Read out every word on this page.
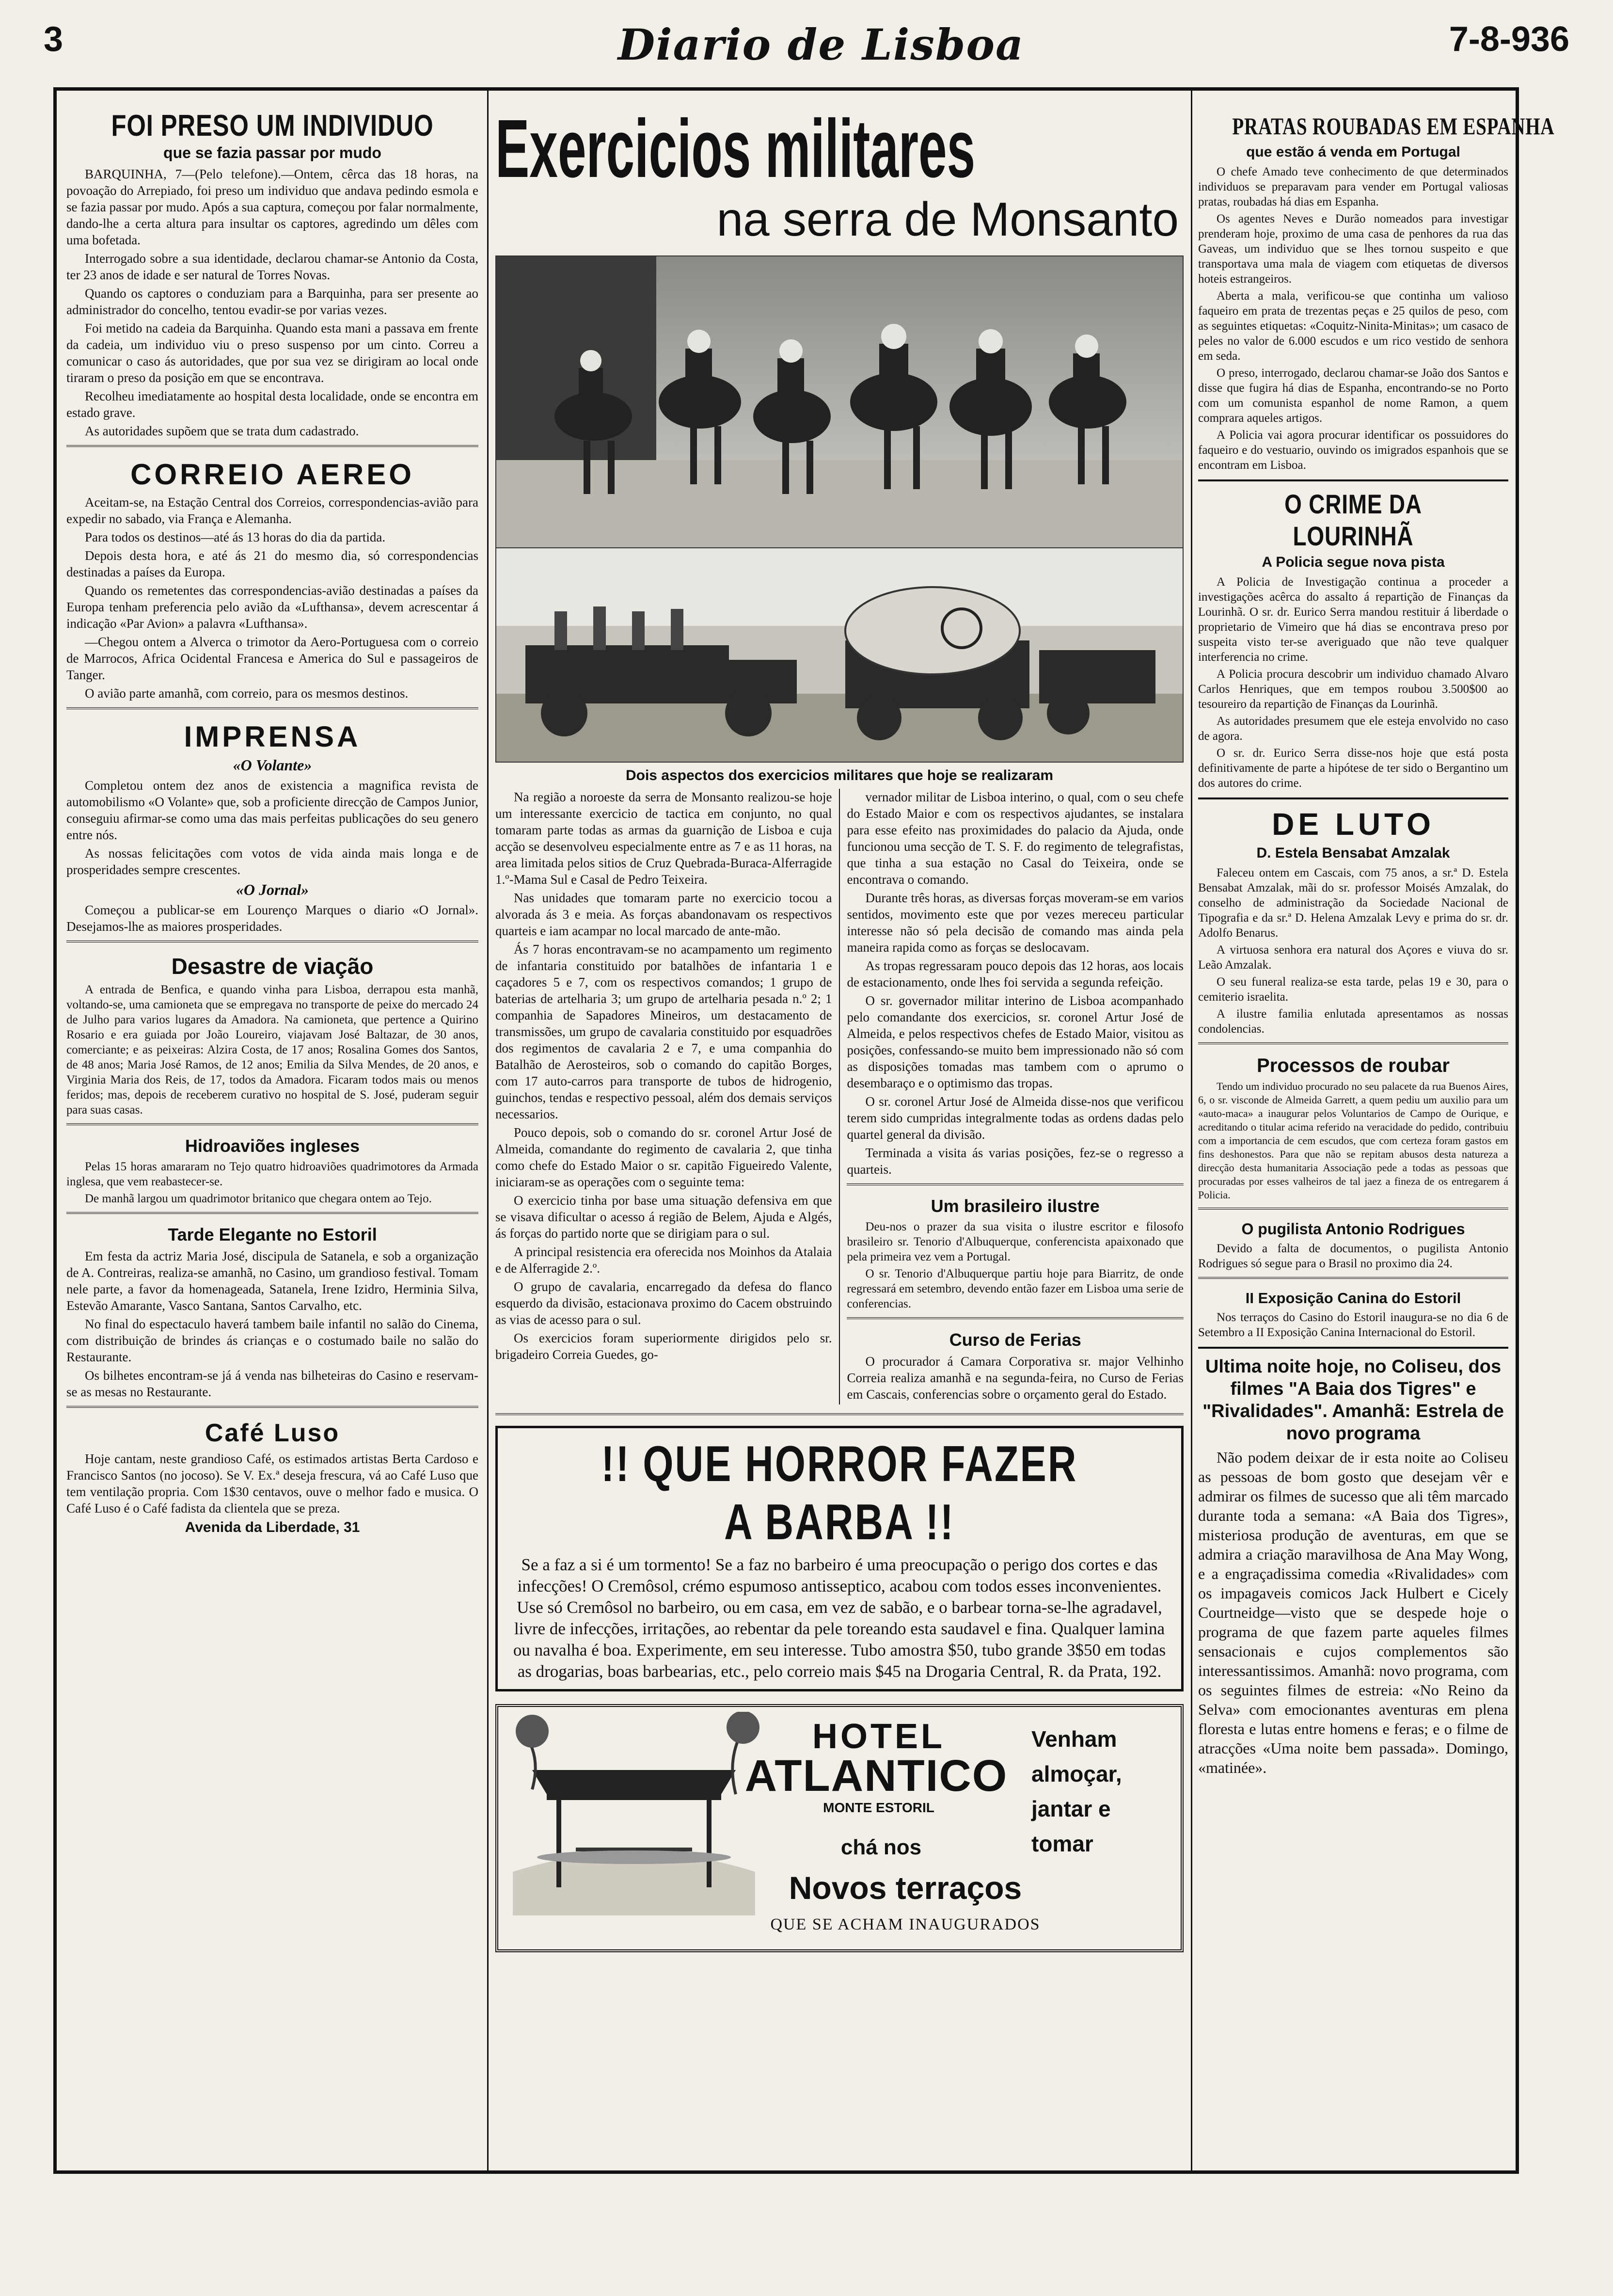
3	Diario de Lisboa	7-8-936
FOI PRESO UM INDIVIDUO
que se fazia passar por mudo

BARQUINHA, 7—(Pelo telefone).—Ontem, cêrca das 18 horas, na povoação do Arrepiado, foi preso um individuo que andava pedindo esmola e se fazia passar por mudo. Após a sua captura, começou por falar normalmente, dando-lhe a certa altura para insultar os captores, agredindo um dêles com uma bofetada.

Interrogado sobre a sua identidade, declarou chamar-se Antonio da Costa, ter 23 anos de idade e ser natural de Torres Novas.

Quando os captores o conduziam para a Barquinha, para ser presente ao administrador do concelho, tentou evadir-se por varias vezes.

Foi metido na cadeia da Barquinha. Quando esta mani a passava em frente da cadeia, um individuo viu o preso suspenso por um cinto. Correu a comunicar o caso ás autoridades, que por sua vez se dirigiram ao local onde tiraram o preso da posição em que se encontrava.

Recolheu imediatamente ao hospital desta localidade, onde se encontra em estado grave.

As autoridades supõem que se trata dum cadastrado.

CORREIO AEREO

Aceitam-se, na Estação Central dos Correios, correspondencias-avião para expedir no sabado, via França e Alemanha.

Para todos os destinos—até ás 13 horas do dia da partida.

Depois desta hora, e até ás 21 do mesmo dia, só correspondencias destinadas a países da Europa.

Quando os remetentes das correspondencias-avião destinadas a países da Europa tenham preferencia pelo avião da «Lufthansa», devem acrescentar á indicação «Par Avion» a palavra «Lufthansa».

—Chegou ontem a Alverca o trimotor da Aero-Portuguesa com o correio de Marrocos, Africa Ocidental Francesa e America do Sul e passageiros de Tanger.

O avião parte amanhã, com correio, para os mesmos destinos.

IMPRENSA
«O Volante»

Completou ontem dez anos de existencia a magnifica revista de automobilismo «O Volante» que, sob a proficiente direcção de Campos Junior, conseguiu afirmar-se como uma das mais perfeitas publicações do seu genero entre nós.

As nossas felicitações com votos de vida ainda mais longa e de prosperidades sempre crescentes.

«O Jornal»

Começou a publicar-se em Lourenço Marques o diario «O Jornal». Desejamos-lhe as maiores prosperidades.

Desastre de viação

A entrada de Benfica, e quando vinha para Lisboa, derrapou esta manhã, voltando-se, uma camioneta que se empregava no transporte de peixe do mercado 24 de Julho para varios lugares da Amadora. Na camioneta, que pertence a Quirino Rosario e era guiada por João Loureiro, viajavam José Baltazar, de 30 anos, comerciante; e as peixeiras: Alzira Costa, de 17 anos; Rosalina Gomes dos Santos, de 48 anos; Maria José Ramos, de 12 anos; Emilia da Silva Mendes, de 20 anos, e Virginia Maria dos Reis, de 17, todos da Amadora. Ficaram todos mais ou menos feridos; mas, depois de receberem curativo no hospital de S. José, puderam seguir para suas casas.

Hidroaviões ingleses

Pelas 15 horas amararam no Tejo quatro hidroaviões quadrimotores da Armada inglesa, que vem reabastecer-se.

De manhã largou um quadrimotor britanico que chegara ontem ao Tejo.

Tarde Elegante no Estoril

Em festa da actriz Maria José, discipula de Satanela, e sob a organização de A. Contreiras, realiza-se amanhã, no Casino, um grandioso festival. Tomam nele parte, a favor da homenageada, Satanela, Irene Izidro, Herminia Silva, Estevão Amarante, Vasco Santana, Santos Carvalho, etc.

No final do espectaculo haverá tambem baile infantil no salão do Cinema, com distribuição de brindes ás crianças e o costumado baile no salão do Restaurante.

Os bilhetes encontram-se já á venda nas bilheteiras do Casino e reservam-se as mesas no Restaurante.

Café Luso

Hoje cantam, neste grandioso Café, os estimados artistas Berta Cardoso e Francisco Santos (no jocoso). Se V. Ex.ª deseja frescura, vá ao Café Luso que tem ventilação propria. Com 1$30 centavos, ouve o melhor fado e musica. O Café Luso é o Café fadista da clientela que se preza.

Avenida da Liberdade, 31
Exercicios militares
na serra de Monsanto
Dois aspectos dos exercicios militares que hoje se realizaram

Na região a noroeste da serra de Monsanto realizou-se hoje um interessante exercicio de tactica em conjunto, no qual tomaram parte todas as armas da guarnição de Lisboa e cuja acção se desenvolveu especialmente entre as 7 e as 11 horas, na area limitada pelos sitios de Cruz Quebrada-Buraca-Alferragide 1.º-Mama Sul e Casal de Pedro Teixeira.

Nas unidades que tomaram parte no exercicio tocou a alvorada ás 3 e meia. As forças abandonavam os respectivos quarteis e iam acampar no local marcado de ante-mão.

Ás 7 horas encontravam-se no acampamento um regimento de infantaria constituido por batalhões de infantaria 1 e caçadores 5 e 7, com os respectivos comandos; 1 grupo de baterias de artelharia 3; um grupo de artelharia pesada n.º 2; 1 companhia de Sapadores Mineiros, um destacamento de transmissões, um grupo de cavalaria constituido por esquadrões dos regimentos de cavalaria 2 e 7, e uma companhia do Batalhão de Aerosteiros, sob o comando do capitão Borges, com 17 auto-carros para transporte de tubos de hidrogenio, guinchos, tendas e respectivo pessoal, além dos demais serviços necessarios.

Pouco depois, sob o comando do sr. coronel Artur José de Almeida, comandante do regimento de cavalaria 2, que tinha como chefe do Estado Maior o sr. capitão Figueiredo Valente, iniciaram-se as operações com o seguinte tema:

O exercicio tinha por base uma situação defensiva em que se visava dificultar o acesso á região de Belem, Ajuda e Algés, ás forças do partido norte que se dirigiam para o sul.

A principal resistencia era oferecida nos Moinhos da Atalaia e de Alferragide 2.º.

O grupo de cavalaria, encarregado da defesa do flanco esquerdo da divisão, estacionava proximo do Cacem obstruindo as vias de acesso para o sul.

Os exercicios foram superiormente dirigidos pelo sr. brigadeiro Correia Guedes, go-

vernador militar de Lisboa interino, o qual, com o seu chefe do Estado Maior e com os respectivos ajudantes, se instalara para esse efeito nas proximidades do palacio da Ajuda, onde funcionou uma secção de T. S. F. do regimento de telegrafistas, que tinha a sua estação no Casal do Teixeira, onde se encontrava o comando.

Durante três horas, as diversas forças moveram-se em varios sentidos, movimento este que por vezes mereceu particular interesse não só pela decisão de comando mas ainda pela maneira rapida como as forças se deslocavam.

As tropas regressaram pouco depois das 12 horas, aos locais de estacionamento, onde lhes foi servida a segunda refeição.

O sr. governador militar interino de Lisboa acompanhado pelo comandante dos exercicios, sr. coronel Artur José de Almeida, e pelos respectivos chefes de Estado Maior, visitou as posições, confessando-se muito bem impressionado não só com as disposições tomadas mas tambem com o aprumo o desembaraço e o optimismo das tropas.

O sr. coronel Artur José de Almeida disse-nos que verificou terem sido cumpridas integralmente todas as ordens dadas pelo quartel general da divisão.

Terminada a visita ás varias posições, fez-se o regresso a quarteis.

Um brasileiro ilustre

Deu-nos o prazer da sua visita o ilustre escritor e filosofo brasileiro sr. Tenorio d'Albuquerque, conferencista apaixonado que pela primeira vez vem a Portugal.

O sr. Tenorio d'Albuquerque partiu hoje para Biarritz, de onde regressará em setembro, devendo então fazer em Lisboa uma serie de conferencias.

Curso de Ferias

O procurador á Camara Corporativa sr. major Velhinho Correia realiza amanhã e na segunda-feira, no Curso de Ferias em Cascais, conferencias sobre o orçamento geral do Estado.

!! QUE HORROR FAZER A BARBA !!

Se a faz a si é um tormento! Se a faz no barbeiro é uma preocupação o perigo dos cortes e das infecções! O Cremôsol, crémo espumoso antisseptico, acabou com todos esses inconvenientes. Use só Cremôsol no barbeiro, ou em casa, em vez de sabão, e o barbear torna-se-lhe agradavel, livre de infecções, irritações, ao rebentar da pele toreando esta saudavel e fina. Qualquer lamina ou navalha é boa. Experimente, em seu interesse. Tubo amostra $50, tubo grande 3$50 em todas as drogarias, boas barbearias, etc., pelo correio mais $45 na Drogaria Central, R. da Prata, 192.

HOTEL
ATLANTICO
MONTE ESTORIL
Venham almoçar, jantar e tomar
chá nos
Novos terraços
QUE SE ACHAM INAUGURADOS
PRATAS ROUBADAS EM ESPANHA
que estão á venda em Portugal

O chefe Amado teve conhecimento de que determinados individuos se preparavam para vender em Portugal valiosas pratas, roubadas há dias em Espanha.

Os agentes Neves e Durão nomeados para investigar prenderam hoje, proximo de uma casa de penhores da rua das Gaveas, um individuo que se lhes tornou suspeito e que transportava uma mala de viagem com etiquetas de diversos hoteis estrangeiros.

Aberta a mala, verificou-se que continha um valioso faqueiro em prata de trezentas peças e 25 quilos de peso, com as seguintes etiquetas: «Coquitz-Ninita-Minitas»; um casaco de peles no valor de 6.000 escudos e um rico vestido de senhora em seda.

O preso, interrogado, declarou chamar-se João dos Santos e disse que fugira há dias de Espanha, encontrando-se no Porto com um comunista espanhol de nome Ramon, a quem comprara aqueles artigos.

A Policia vai agora procurar identificar os possuidores do faqueiro e do vestuario, ouvindo os imigrados espanhois que se encontram em Lisboa.

O CRIME DA LOURINHÃ
A Policia segue nova pista

A Policia de Investigação continua a proceder a investigações acêrca do assalto á repartição de Finanças da Lourinhã. O sr. dr. Eurico Serra mandou restituir á liberdade o proprietario de Vimeiro que há dias se encontrava preso por suspeita visto ter-se averiguado que não teve qualquer interferencia no crime.

A Policia procura descobrir um individuo chamado Alvaro Carlos Henriques, que em tempos roubou 3.500$00 ao tesoureiro da repartição de Finanças da Lourinhã.

As autoridades presumem que ele esteja envolvido no caso de agora.

O sr. dr. Eurico Serra disse-nos hoje que está posta definitivamente de parte a hipótese de ter sido o Bergantino um dos autores do crime.

DE LUTO
D. Estela Bensabat Amzalak

Faleceu ontem em Cascais, com 75 anos, a sr.ª D. Estela Bensabat Amzalak, mãi do sr. professor Moisés Amzalak, do conselho de administração da Sociedade Nacional de Tipografia e da sr.ª D. Helena Amzalak Levy e prima do sr. dr. Adolfo Benarus.

A virtuosa senhora era natural dos Açores e viuva do sr. Leão Amzalak.

O seu funeral realiza-se esta tarde, pelas 19 e 30, para o cemiterio israelita.

A ilustre familia enlutada apresentamos as nossas condolencias.

Processos de roubar

Tendo um individuo procurado no seu palacete da rua Buenos Aires, 6, o sr. visconde de Almeida Garrett, a quem pediu um auxilio para um «auto-maca» a inaugurar pelos Voluntarios de Campo de Ourique, e acreditando o titular acima referido na veracidade do pedido, contribuiu com a importancia de cem escudos, que com certeza foram gastos em fins deshonestos. Para que não se repitam abusos desta natureza a direcção desta humanitaria Associação pede a todas as pessoas que procuradas por esses valheiros de tal jaez a fineza de os entregarem á Policia.

O pugilista Antonio Rodrigues

Devido a falta de documentos, o pugilista Antonio Rodrigues só segue para o Brasil no proximo dia 24.

II Exposição Canina do Estoril

Nos terraços do Casino do Estoril inaugura-se no dia 6 de Setembro a II Exposição Canina Internacional do Estoril.

Ultima noite hoje, no Coliseu, dos filmes "A Baia dos Tigres" e "Rivalidades". Amanhã: Estrela de novo programa

Não podem deixar de ir esta noite ao Coliseu as pessoas de bom gosto que desejam vêr e admirar os filmes de sucesso que ali têm marcado durante toda a semana: «A Baia dos Tigres», misteriosa produção de aventuras, em que se admira a criação maravilhosa de Ana May Wong, e a engraçadissima comedia «Rivalidades» com os impagaveis comicos Jack Hulbert e Cicely Courtneidge—visto que se despede hoje o programa de que fazem parte aqueles filmes sensacionais e cujos complementos são interessantissimos. Amanhã: novo programa, com os seguintes filmes de estreia: «No Reino da Selva» com emocionantes aventuras em plena floresta e lutas entre homens e feras; e o filme de atracções «Uma noite bem passada». Domingo, «matinée».
